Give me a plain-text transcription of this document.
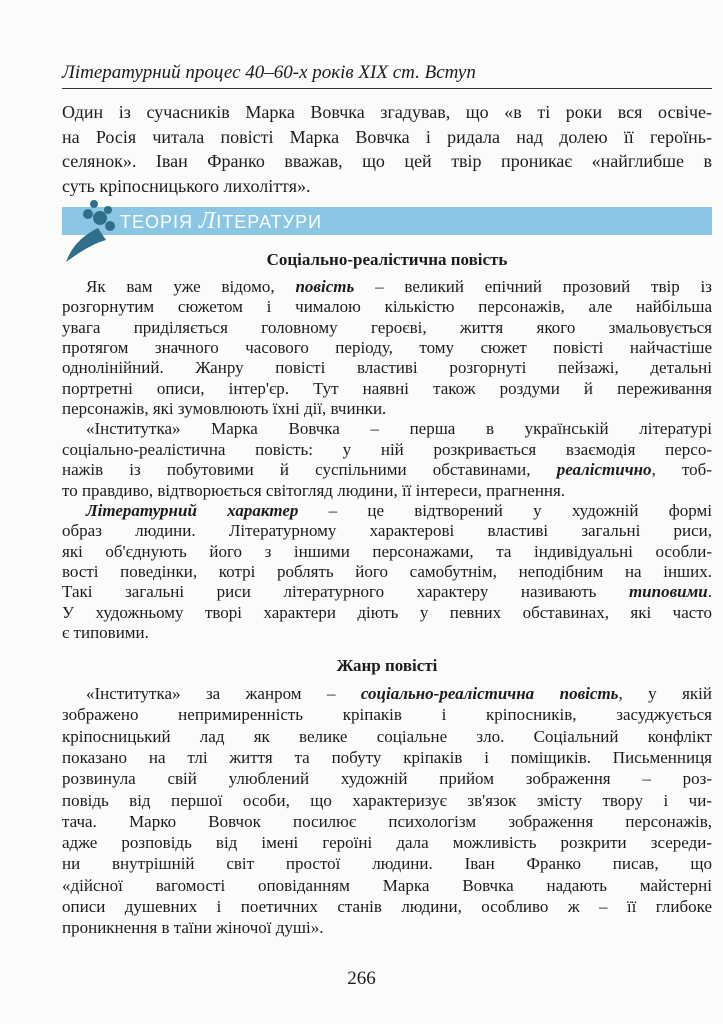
Літературний процес 40–60-х років XIX ст. Вступ
Один із сучасників Марка Вовчка згадував, що «в ті роки вся освіче-
на Росія читала повісті Марка Вовчка і ридала над долею її героїнь-
селянок». Іван Франко вважав, що цей твір проникає «найглибше в
суть кріпосницького лихоліття».
ТЕОРІЯ ЛІТЕРАТУРИ
Соціально-реалістична повість
Як вам уже відомо, повість – великий епічний прозовий твір із
розгорнутим сюжетом і чималою кількістю персонажів, але найбільша
увага приділяється головному героєві, життя якого змальовується
протягом значного часового періоду, тому сюжет повісті найчастіше
однолінійний. Жанру повісті властиві розгорнуті пейзажі, детальні
портретні описи, інтер'єр. Тут наявні також роздуми й переживання
персонажів, які зумовлюють їхні дії, вчинки.
«Інститутка» Марка Вовчка – перша в українській літературі
соціально-реалістична повість: у ній розкривається взаємодія персо-
нажів із побутовими й суспільними обставинами, реалістично, тоб-
то правдиво, відтворюється світогляд людини, її інтереси, прагнення.
Літературний характер – це відтворений у художній формі
образ людини. Літературному характерові властиві загальні риси,
які об'єднують його з іншими персонажами, та індивідуальні особли-
вості поведінки, котрі роблять його самобутнім, неподібним на інших.
Такі загальні риси літературного характеру називають типовими.
У художньому творі характери діють у певних обставинах, які часто
є типовими.
Жанр повісті
«Інститутка» за жанром – соціально-реалістична повість, у якій
зображено непримиренність кріпаків і кріпосників, засуджується
кріпосницький лад як велике соціальне зло. Соціальний конфлікт
показано на тлі життя та побуту кріпаків і поміщиків. Письменниця
розвинула свій улюблений художній прийом зображення – роз-
повідь від першої особи, що характеризує зв'язок змісту твору і чи-
тача. Марко Вовчок посилює психологізм зображення персонажів,
адже розповідь від імені героїні дала можливість розкрити зсереди-
ни внутрішній світ простої людини. Іван Франко писав, що
«дійсної вагомості оповіданням Марка Вовчка надають майстерні
описи душевних і поетичних станів людини, особливо ж – її глибоке
проникнення в таїни жіночої душі».
266
